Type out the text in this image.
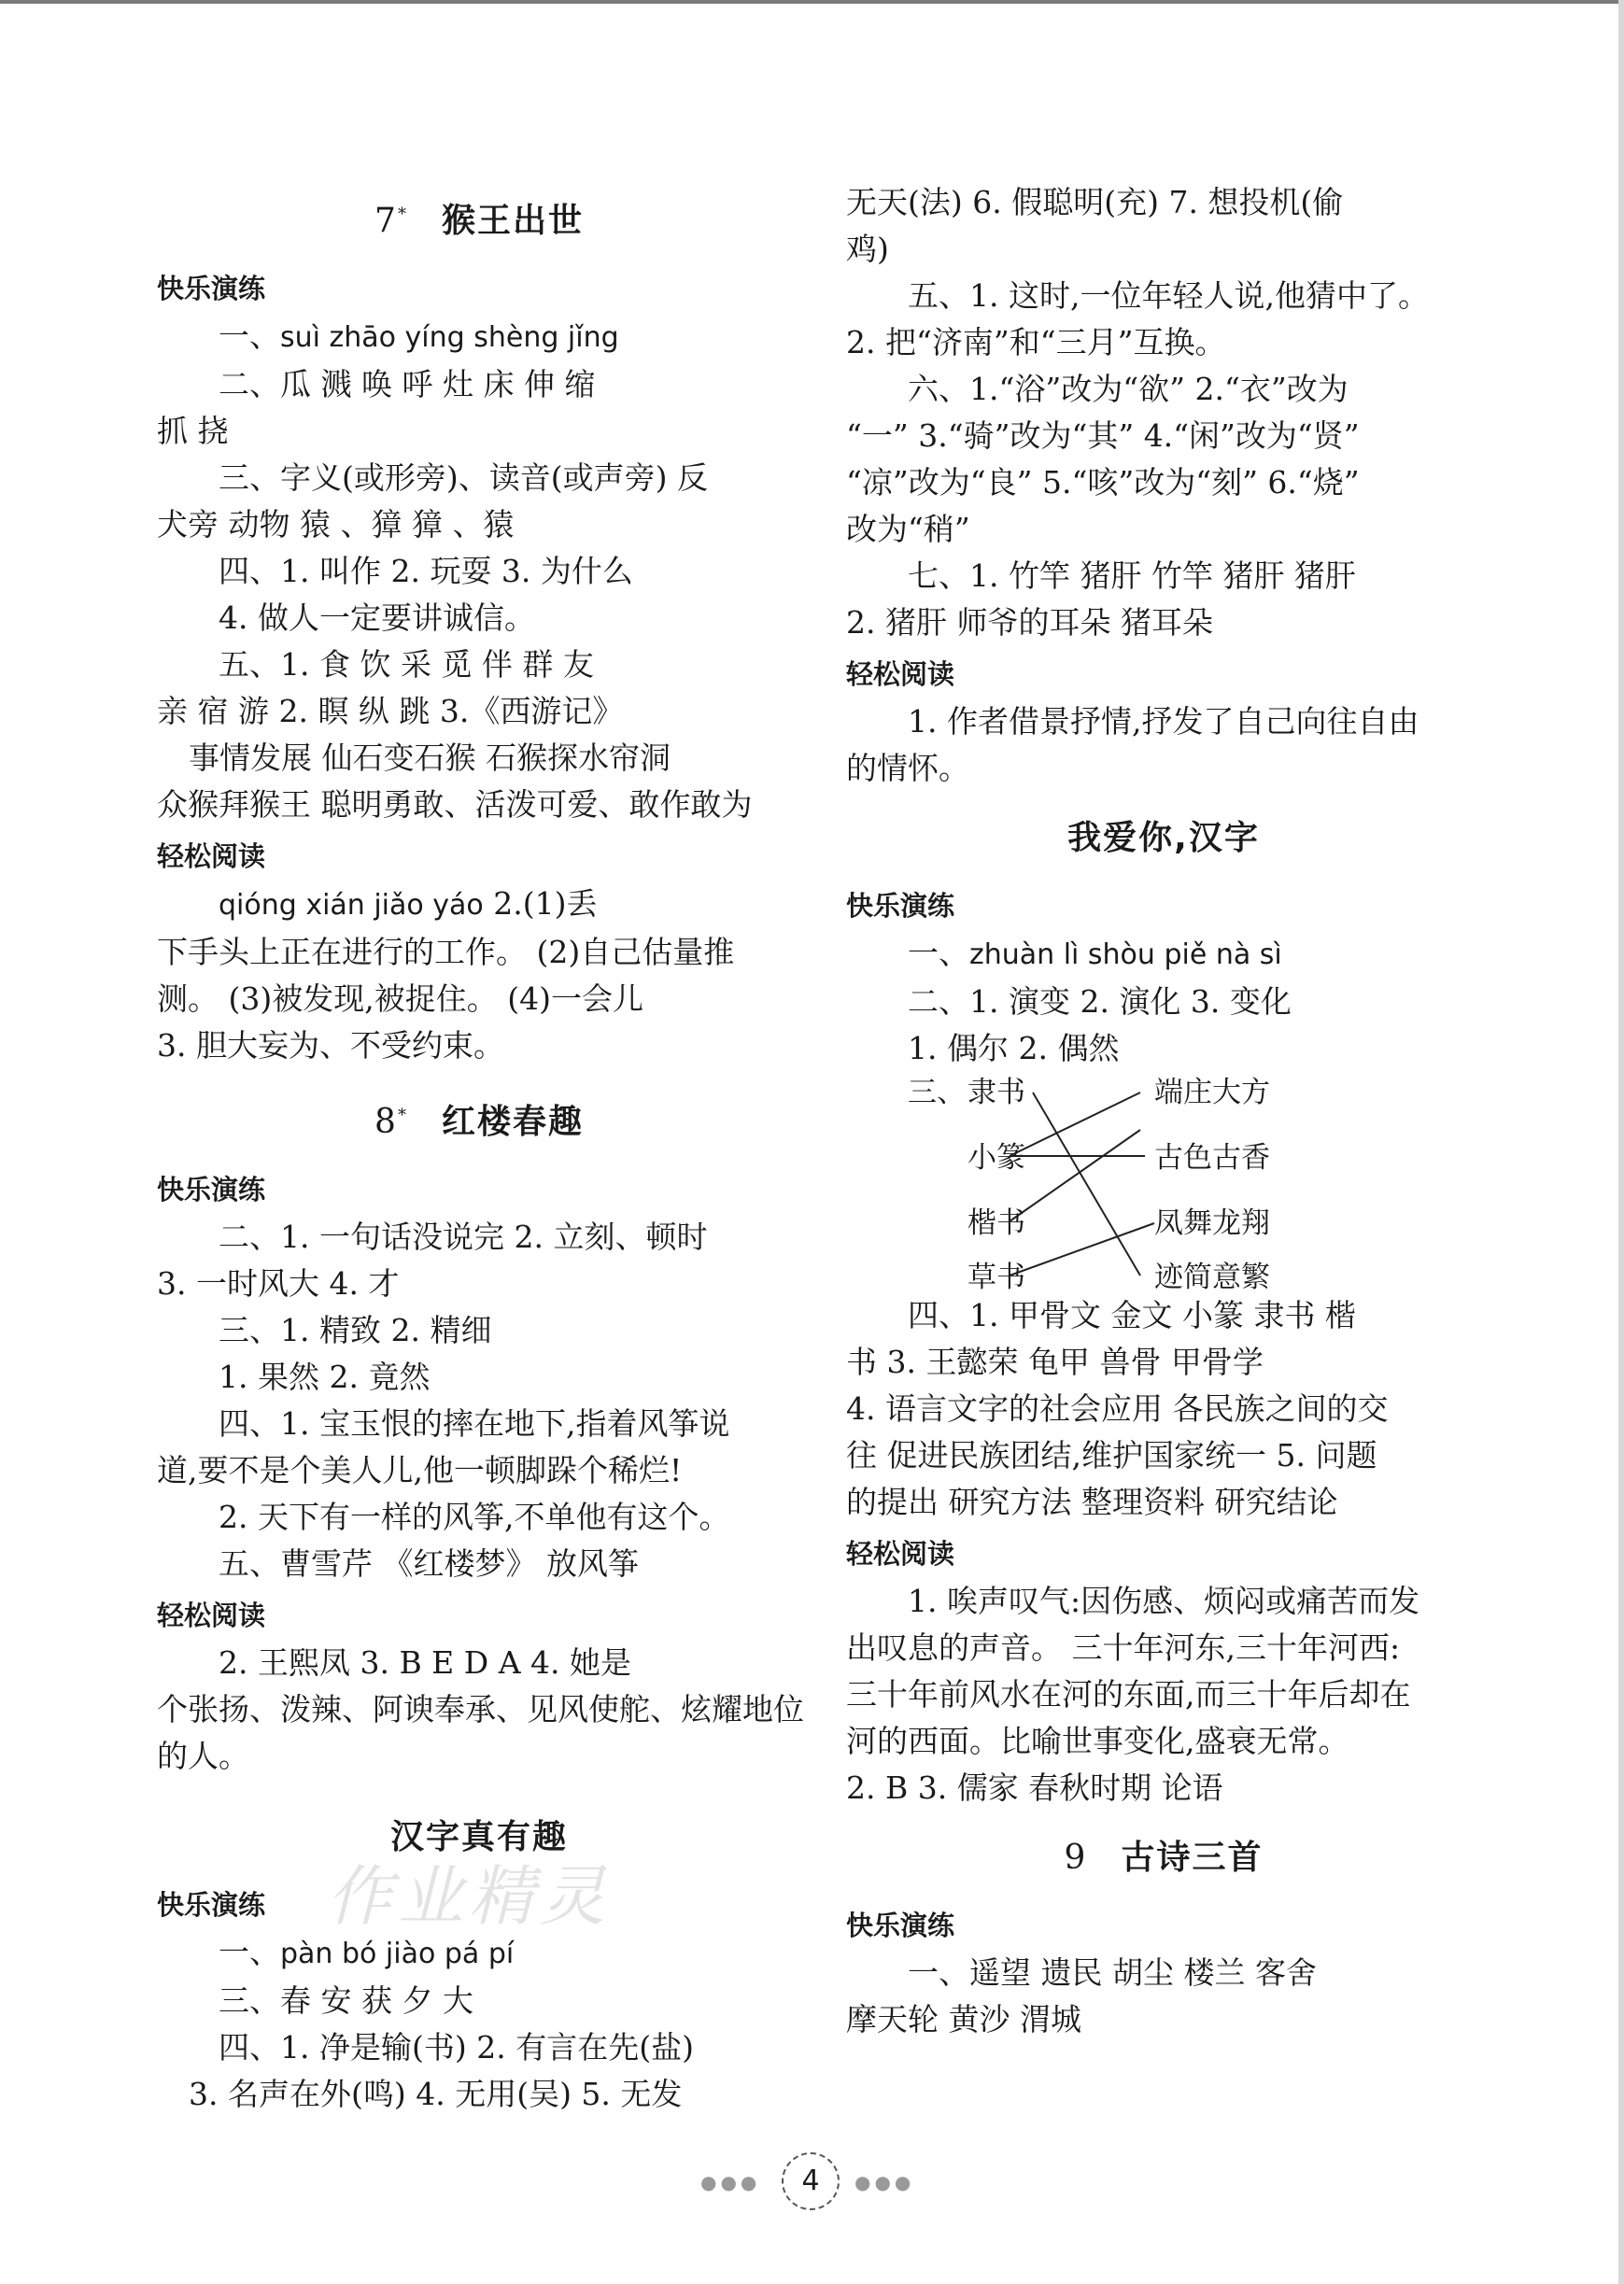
7* 猴王出世
快乐演练
一、suì zhāo yíng shèng jǐng
二、瓜 溅 唤 呼 灶 床 伸 缩
抓 挠
三、字义(或形旁)、读音(或声旁) 反
犬旁 动物 猿 、獐 獐 、猿
四、1. 叫作 2. 玩耍 3. 为什么
4. 做人一定要讲诚信。
五、1. 食 饮 采 觅 伴 群 友
亲 宿 游 2. 瞑 纵 跳 3.《西游记》
事情发展 仙石变石猴 石猴探水帘洞
众猴拜猴王 聪明勇敢、活泼可爱、敢作敢为
轻松阅读
qióng xián jiǎo yáo 2.(1)丢
下手头上正在进行的工作。 (2)自己估量推
测。 (3)被发现,被捉住。 (4)一会儿
3. 胆大妄为、不受约束。
8* 红楼春趣
快乐演练
二、1. 一句话没说完 2. 立刻、顿时
3. 一时风大 4. 才
三、1. 精致 2. 精细
1. 果然 2. 竟然
四、1. 宝玉恨的摔在地下,指着风筝说
道,要不是个美人儿,他一顿脚跺个稀烂!
2. 天下有一样的风筝,不单他有这个。
五、曹雪芹 《红楼梦》 放风筝
轻松阅读
2. 王熙凤 3. B E D A 4. 她是
个张扬、泼辣、阿谀奉承、见风使舵、炫耀地位
的人。
汉字真有趣
快乐演练
一、pàn bó jiào pá pí
三、春 安 获 夕 大
四、1. 净是输(书) 2. 有言在先(盐)
3. 名声在外(鸣) 4. 无用(吴) 5. 无发
无天(法) 6. 假聪明(充) 7. 想投机(偷
鸡)
五、1. 这时,一位年轻人说,他猜中了。
2. 把“济南”和“三月”互换。
六、1.“浴”改为“欲” 2.“衣”改为
“一” 3.“骑”改为“其” 4.“闲”改为“贤”
“凉”改为“良” 5.“咳”改为“刻” 6.“烧”
改为“稍”
七、1. 竹竿 猪肝 竹竿 猪肝 猪肝
2. 猪肝 师爷的耳朵 猪耳朵
轻松阅读
1. 作者借景抒情,抒发了自己向往自由
的情怀。
我爱你,汉字
快乐演练
一、zhuàn lì shòu piě nà sì
二、1. 演变 2. 演化 3. 变化
1. 偶尔 2. 偶然
三、 隶书
小篆
楷书
草书
端庄大方
古色古香
凤舞龙翔
迹简意繁
四、1. 甲骨文 金文 小篆 隶书 楷
书 3. 王懿荣 龟甲 兽骨 甲骨学
4. 语言文字的社会应用 各民族之间的交
往 促进民族团结,维护国家统一 5. 问题
的提出 研究方法 整理资料 研究结论
轻松阅读
1. 唉声叹气:因伤感、烦闷或痛苦而发
出叹息的声音。 三十年河东,三十年河西:
三十年前风水在河的东面,而三十年后却在
河的西面。比喻世事变化,盛衰无常。
2. B 3. 儒家 春秋时期 论语
9 古诗三首
快乐演练
一、遥望 遗民 胡尘 楼兰 客舍
摩天轮 黄沙 渭城
作业精灵
●●●	4	●●●
